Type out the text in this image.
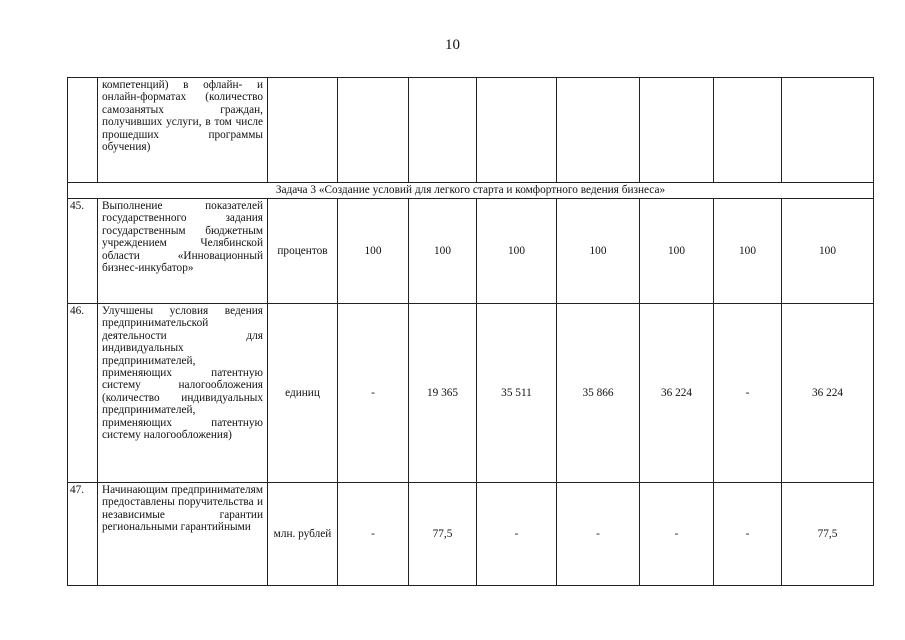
10
	компетенций) в офлайн- и онлайн-форматах (количество самозанятых граждан, получивших услуги, в том числе прошедших программы обучения)								
Задача 3 «Создание условий для легкого старта и комфортного ведения бизнеса»									
45.	Выполнение показателей государственного задания государственным бюджетным учреждением Челябинской области «Инновационный бизнес-инкубатор»	процентов	100	100	100	100	100	100	100
46.	Улучшены условия ведения предпринимательской деятельности для индивидуальных предпринимателей, применяющих патентную систему налогообложения (количество индивидуальных предпринимателей, применяющих патентную систему налогообложения)	единиц	-	19 365	35 511	35 866	36 224	-	36 224
47.	Начинающим предпринимателям предоставлены поручительства и независимые гарантии региональными гарантийными	млн. рублей	-	77,5	-	-	-	-	77,5
